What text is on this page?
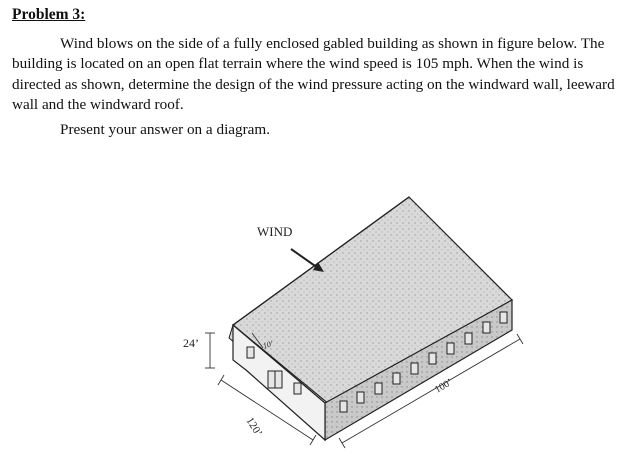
Problem 3:

Wind blows on the side of a fully enclosed gabled building as shown in figure below. The building is located on an open flat terrain where the wind speed is 105 mph. When the wind is directed as shown, determine the design of the wind pressure acting on the windward wall, leeward wall and the windward roof.

Present your answer on a diagram.

WIND
24’	10’
120’
100’
